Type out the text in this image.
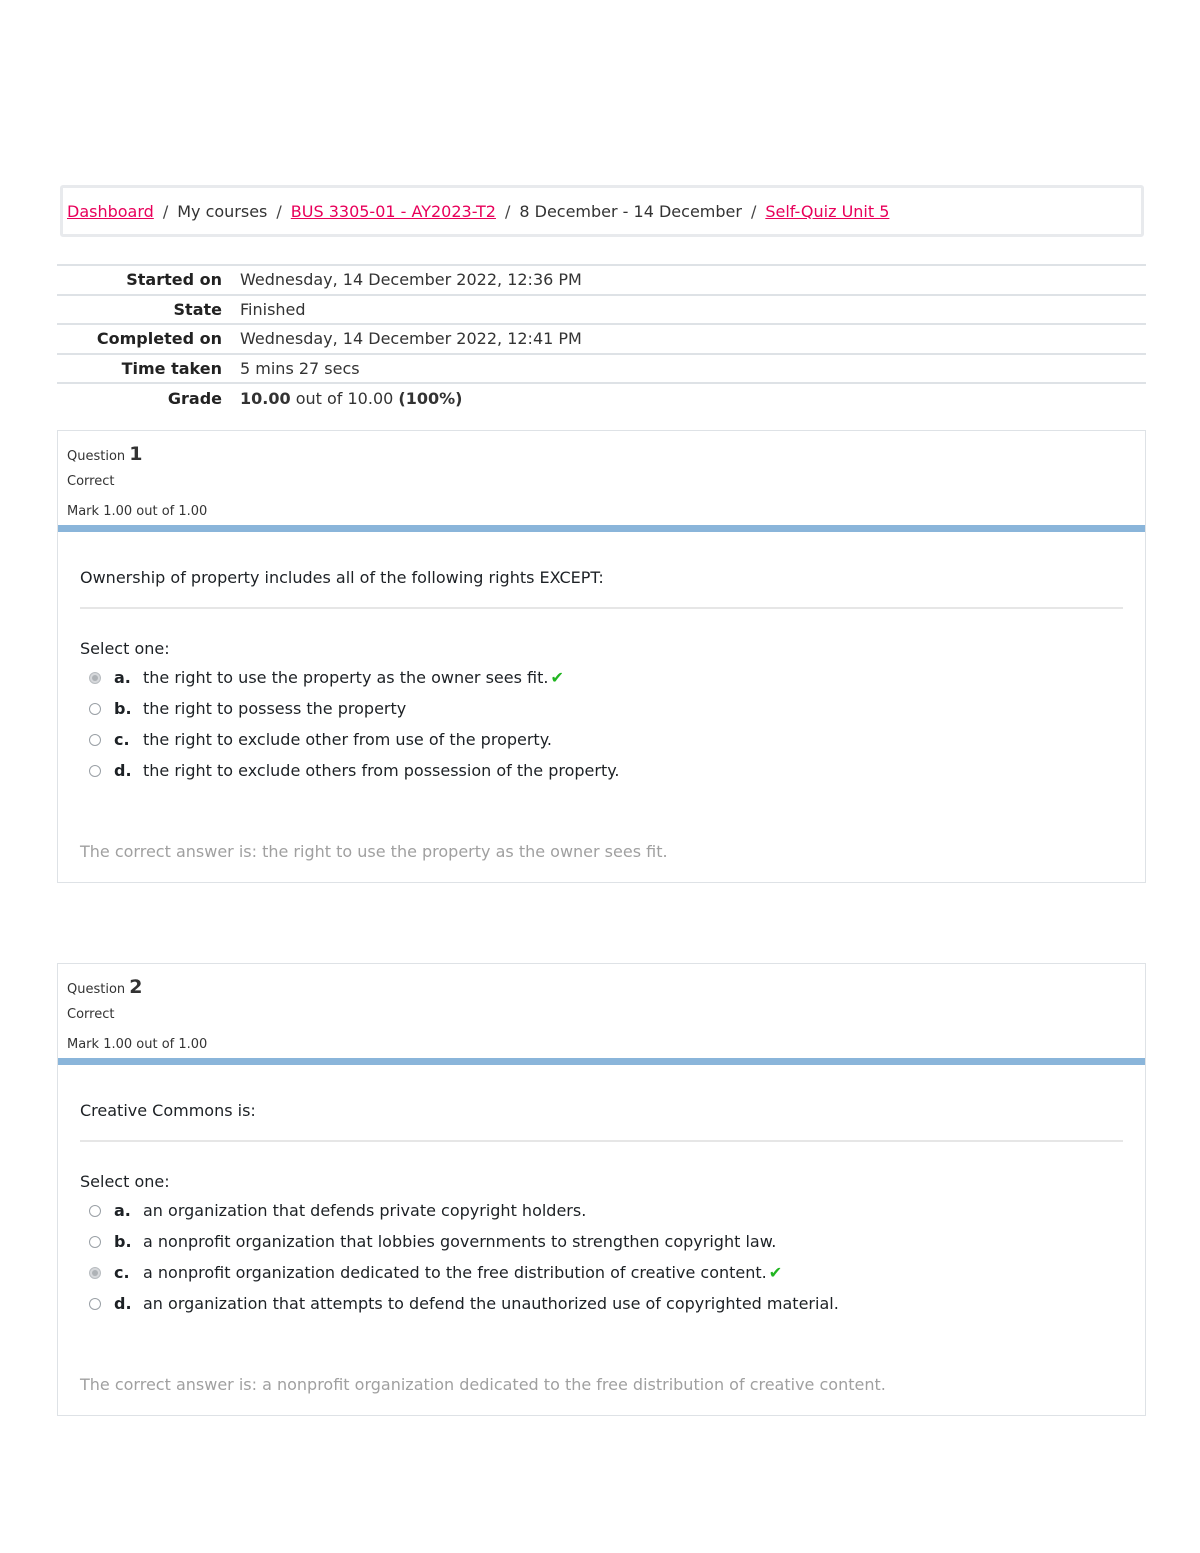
Dashboard / My courses / BUS 3305-01 - AY2023-T2 / 8 December - 14 December / Self-Quiz Unit 5
Started on	Wednesday, 14 December 2022, 12:36 PM
State	Finished
Completed on	Wednesday, 14 December 2022, 12:41 PM
Time taken	5 mins 27 secs
Grade	10.00 out of 10.00 (100%)
Question 1
Correct
Mark 1.00 out of 1.00
Ownership of property includes all of the following rights EXCEPT:
Select one:
a. the right to use the property as the owner sees fit. ✔
b. the right to possess the property
c. the right to exclude other from use of the property.
d. the right to exclude others from possession of the property.
The correct answer is: the right to use the property as the owner sees fit.
Question 2
Correct
Mark 1.00 out of 1.00
Creative Commons is:
Select one:
a. an organization that defends private copyright holders.
b. a nonprofit organization that lobbies governments to strengthen copyright law.
c. a nonprofit organization dedicated to the free distribution of creative content. ✔
d. an organization that attempts to defend the unauthorized use of copyrighted material.
The correct answer is: a nonprofit organization dedicated to the free distribution of creative content.
